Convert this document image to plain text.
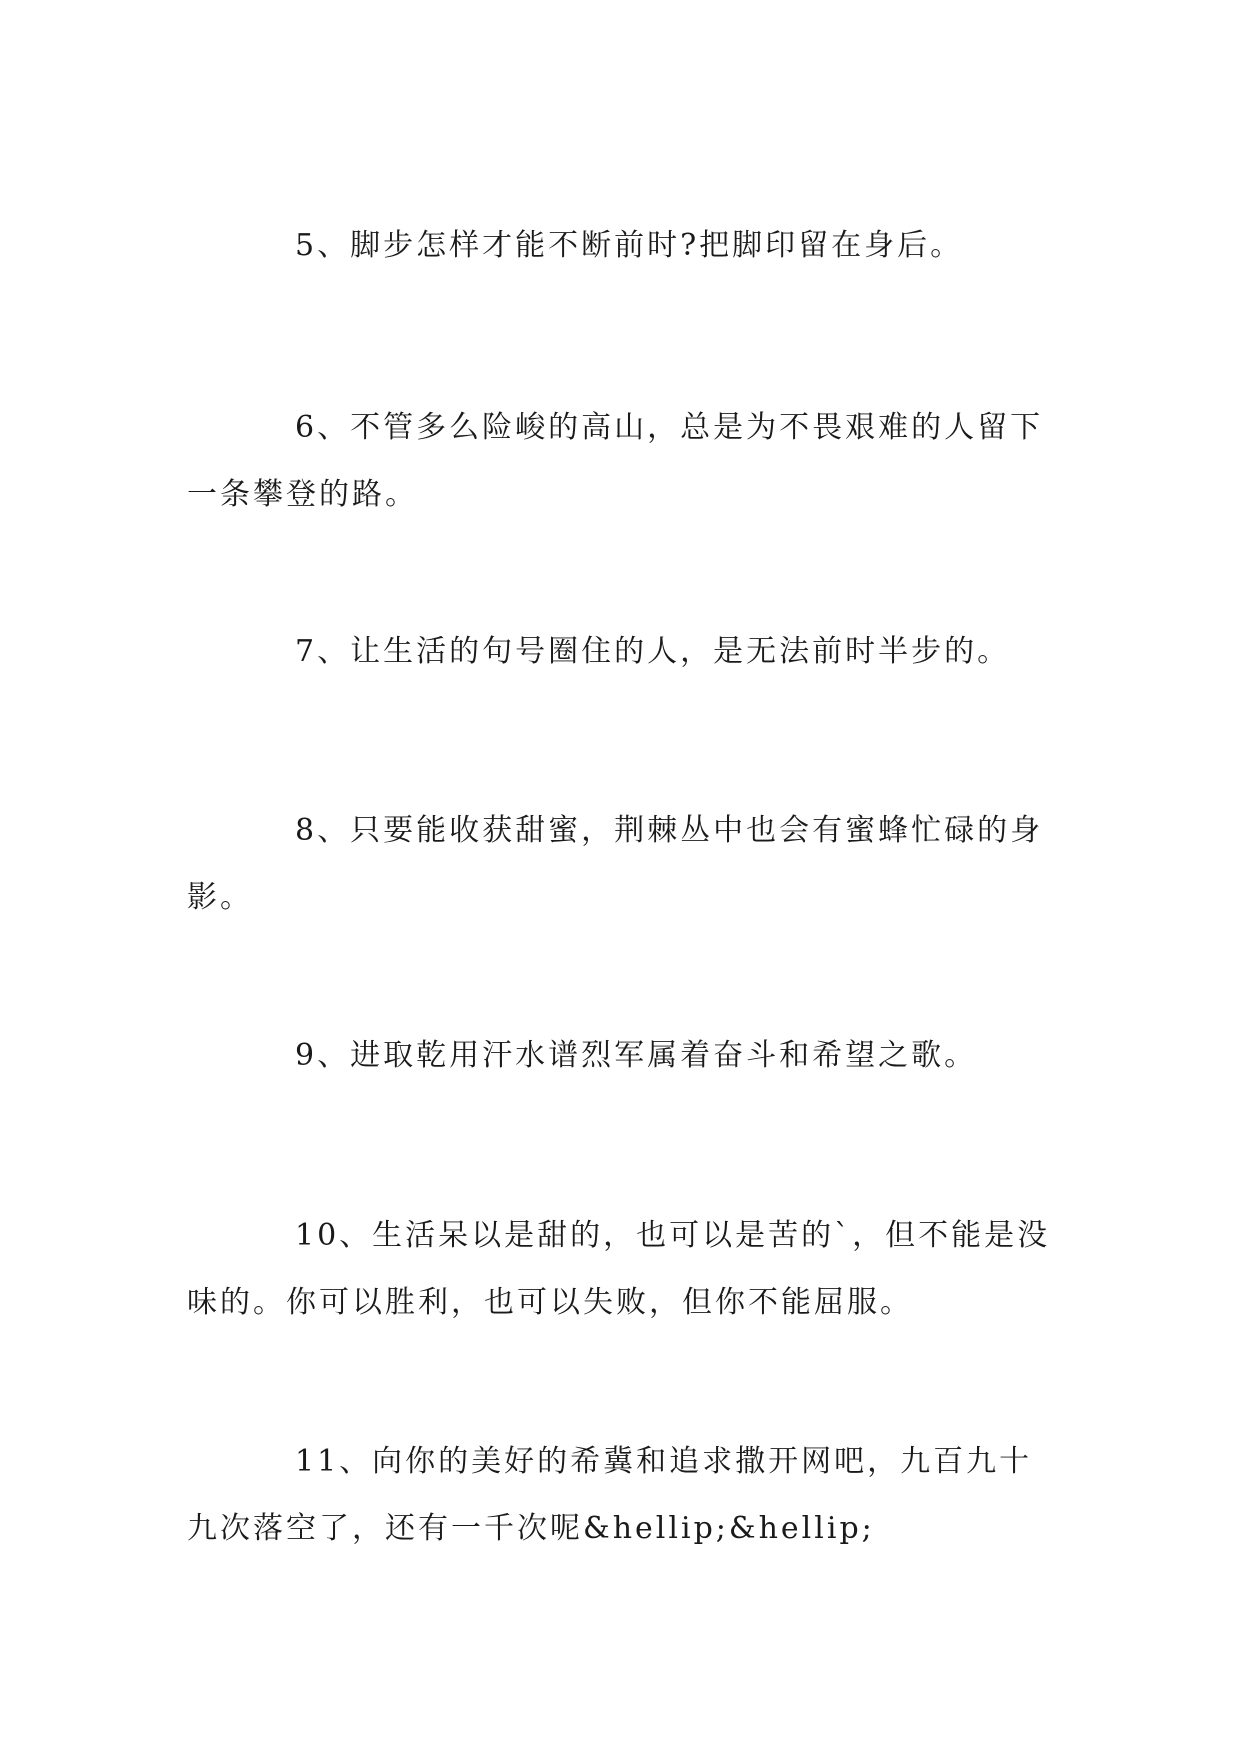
5、脚步怎样才能不断前时?把脚印留在身后。

6、不管多么险峻的高山，总是为不畏艰难的人留下一条攀登的路。

7、让生活的句号圈住的人，是无法前时半步的。

8、只要能收获甜蜜，荆棘丛中也会有蜜蜂忙碌的身影。

9、进取乾用汗水谱烈军属着奋斗和希望之歌。

10、生活呆以是甜的，也可以是苦的`，但不能是没味的。你可以胜利，也可以失败，但你不能屈服。

11、向你的美好的希冀和追求撒开网吧，九百九十九次落空了，还有一千次呢&hellip;&hellip;
